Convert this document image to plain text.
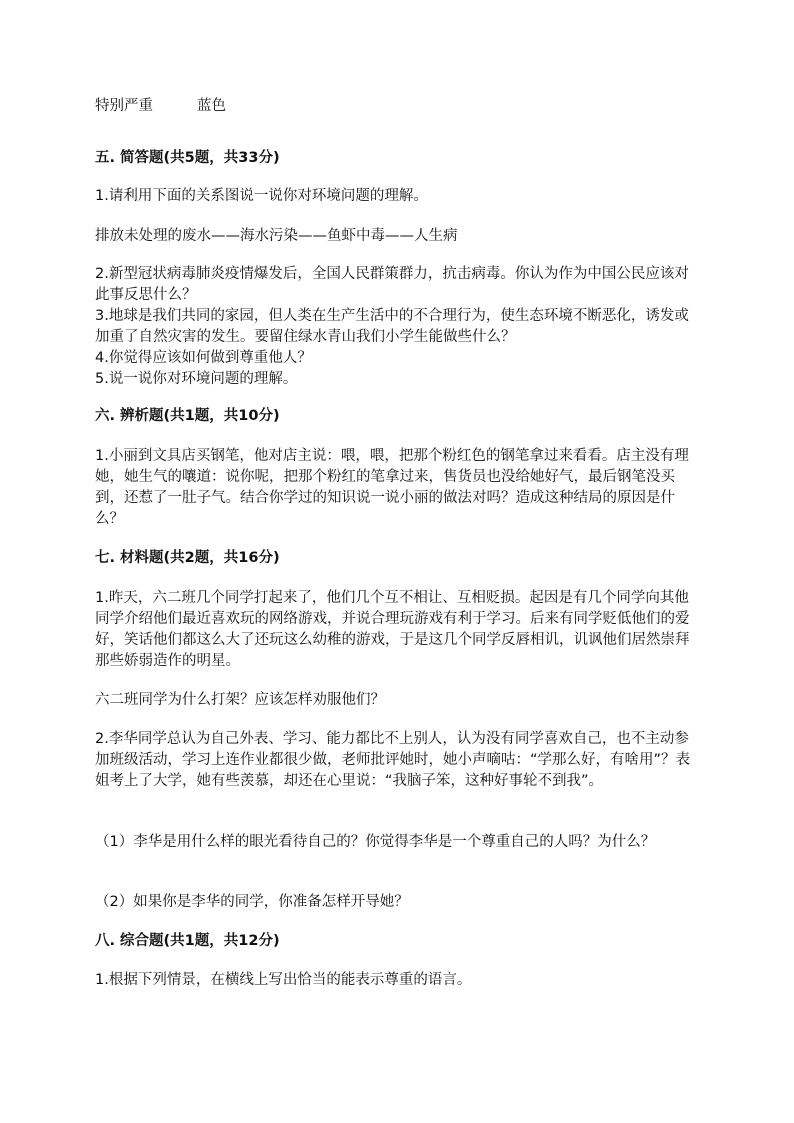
特别严重	蓝色
五. 简答题(共5题，共33分)
1.请利用下面的关系图说一说你对环境问题的理解。
排放未处理的废水——海水污染——鱼虾中毒——人生病
2.新型冠状病毒肺炎疫情爆发后，全国人民群策群力，抗击病毒。你认为作为中国公民应该对此事反思什么？
3.地球是我们共同的家园，但人类在生产生活中的不合理行为，使生态环境不断恶化，诱发或加重了自然灾害的发生。要留住绿水青山我们小学生能做些什么？
4.你觉得应该如何做到尊重他人？
5.说一说你对环境问题的理解。
六. 辨析题(共1题，共10分)
1.小丽到文具店买钢笔，他对店主说：喂，喂，把那个粉红色的钢笔拿过来看看。店主没有理她，她生气的嚷道：说你呢，把那个粉红的笔拿过来，售货员也没给她好气，最后钢笔没买到，还惹了一肚子气。结合你学过的知识说一说小丽的做法对吗？造成这种结局的原因是什么？
七. 材料题(共2题，共16分)
1.昨天，六二班几个同学打起来了，他们几个互不相让、互相贬损。起因是有几个同学向其他同学介绍他们最近喜欢玩的网络游戏，并说合理玩游戏有利于学习。后来有同学贬低他们的爱好，笑话他们都这么大了还玩这么幼稚的游戏，于是这几个同学反唇相讥，讥讽他们居然崇拜那些娇弱造作的明星。
六二班同学为什么打架？应该怎样劝服他们？
2.李华同学总认为自己外表、学习、能力都比不上别人，认为没有同学喜欢自己，也不主动参加班级活动，学习上连作业都很少做，老师批评她时，她小声嘀咕：“学那么好，有啥用”？表姐考上了大学，她有些羡慕，却还在心里说：“我脑子笨，这种好事轮不到我”。
（1）李华是用什么样的眼光看待自己的？你觉得李华是一个尊重自己的人吗？为什么？
（2）如果你是李华的同学，你准备怎样开导她？
八. 综合题(共1题，共12分)
1.根据下列情景，在横线上写出恰当的能表示尊重的语言。
